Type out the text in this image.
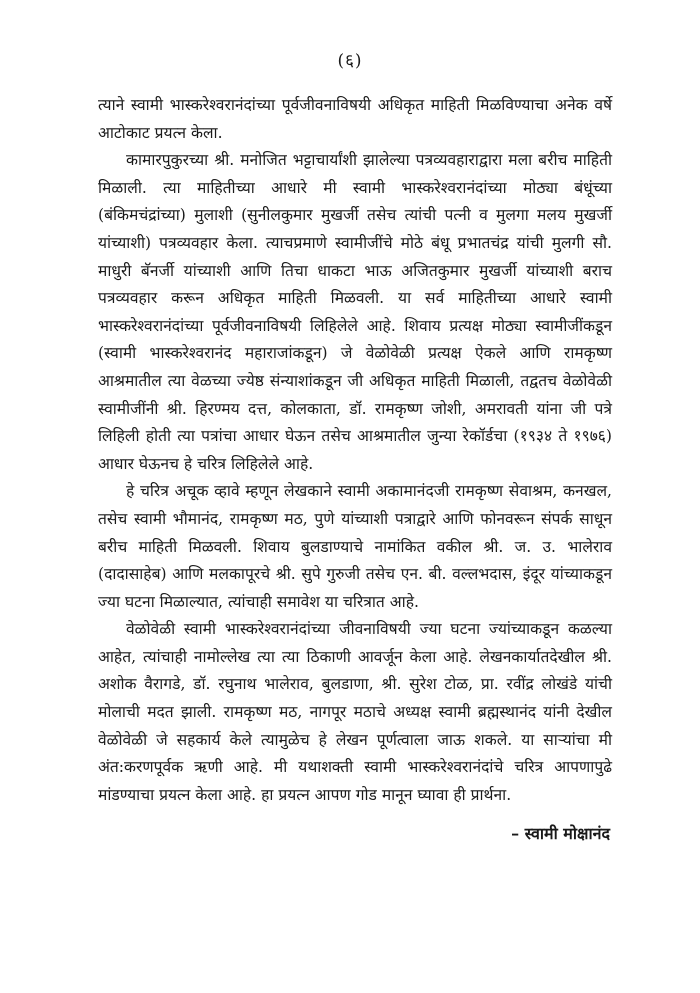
(६)

त्याने स्वामी भास्करेश्वरानंदांच्या पूर्वजीवनाविषयी अधिकृत माहिती मिळविण्याचा अनेक वर्षे आटोकाट प्रयत्न केला.

कामारपुकुरच्या श्री. मनोजित भट्टाचार्यांशी झालेल्या पत्रव्यवहाराद्वारा मला बरीच माहिती मिळाली. त्या माहितीच्या आधारे मी स्वामी भास्करेश्वरानंदांच्या मोठ्या बंधूंच्या (बंकिमचंद्रांच्या) मुलाशी (सुनीलकुमार मुखर्जी तसेच त्यांची पत्नी व मुलगा मलय मुखर्जी यांच्याशी) पत्रव्यवहार केला. त्याचप्रमाणे स्वामीजींचे मोठे बंधू प्रभातचंद्र यांची मुलगी सौ. माधुरी बॅनर्जी यांच्याशी आणि तिचा धाकटा भाऊ अजितकुमार मुखर्जी यांच्याशी बराच पत्रव्यवहार करून अधिकृत माहिती मिळवली. या सर्व माहितीच्या आधारे स्वामी भास्करेश्वरानंदांच्या पूर्वजीवनाविषयी लिहिलेले आहे. शिवाय प्रत्यक्ष मोठ्या स्वामीजींकडून (स्वामी भास्करेश्वरानंद महाराजांकडून) जे वेळोवेळी प्रत्यक्ष ऐकले आणि रामकृष्ण आश्रमातील त्या वेळच्या ज्येष्ठ संन्याशांकडून जी अधिकृत माहिती मिळाली, तद्वतच वेळोवेळी स्वामीजींनी श्री. हिरण्मय दत्त, कोलकाता, डॉ. रामकृष्ण जोशी, अमरावती यांना जी पत्रे लिहिली होती त्या पत्रांचा आधार घेऊन तसेच आश्रमातील जुन्या रेकॉर्डचा (१९३४ ते १९७६) आधार घेऊनच हे चरित्र लिहिलेले आहे.

हे चरित्र अचूक व्हावे म्हणून लेखकाने स्वामी अकामानंदजी रामकृष्ण सेवाश्रम, कनखल, तसेच स्वामी भौमानंद, रामकृष्ण मठ, पुणे यांच्याशी पत्राद्वारे आणि फोनवरून संपर्क साधून बरीच माहिती मिळवली. शिवाय बुलडाण्याचे नामांकित वकील श्री. ज. उ. भालेराव (दादासाहेब) आणि मलकापूरचे श्री. सुपे गुरुजी तसेच एन. बी. वल्लभदास, इंदूर यांच्याकडून ज्या घटना मिळाल्यात, त्यांचाही समावेश या चरित्रात आहे.

वेळोवेळी स्वामी भास्करेश्वरानंदांच्या जीवनाविषयी ज्या घटना ज्यांच्याकडून कळल्या आहेत, त्यांचाही नामोल्लेख त्या त्या ठिकाणी आवर्जून केला आहे. लेखनकार्यातदेखील श्री. अशोक वैरागडे, डॉ. रघुनाथ भालेराव, बुलडाणा, श्री. सुरेश टोळ, प्रा. रवींद्र लोखंडे यांची मोलाची मदत झाली. रामकृष्ण मठ, नागपूर मठाचे अध्यक्ष स्वामी ब्रह्मस्थानंद यांनी देखील वेळोवेळी जे सहकार्य केले त्यामुळेच हे लेखन पूर्णत्वाला जाऊ शकले. या साऱ्यांचा मी अंत:करणपूर्वक ऋणी आहे. मी यथाशक्ती स्वामी भास्करेश्वरानंदांचे चरित्र आपणापुढे मांडण्याचा प्रयत्न केला आहे. हा प्रयत्न आपण गोड मानून घ्यावा ही प्रार्थना.

– स्वामी मोक्षानंद
